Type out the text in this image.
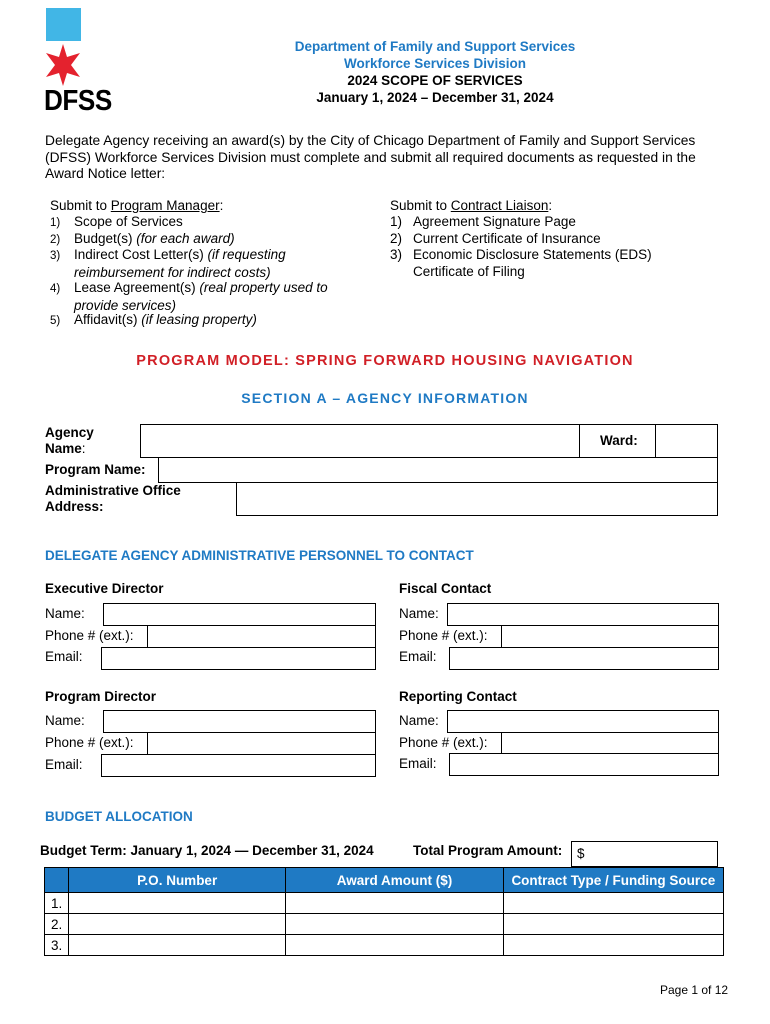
DFSS
Department of Family and Support Services
Workforce Services Division
2024 SCOPE OF SERVICES
January 1, 2024 – December 31, 2024
Delegate Agency receiving an award(s) by the City of Chicago Department of Family and Support Services
(DFSS) Workforce Services Division must complete and submit all required documents as requested in the
Award Notice letter:
Submit to Program Manager:
1) Scope of Services
2) Budget(s) (for each award)
3) Indirect Cost Letter(s) (if requesting
reimbursement for indirect costs)
4) Lease Agreement(s) (real property used to
provide services)
5) Affidavit(s) (if leasing property)
Submit to Contract Liaison:
1) Agreement Signature Page
2) Current Certificate of Insurance
3) Economic Disclosure Statements (EDS)
Certificate of Filing
PROGRAM MODEL: SPRING FORWARD HOUSING NAVIGATION
SECTION A – AGENCY INFORMATION
Agency
Name:
Ward:
Program Name:
Administrative Office
Address:
DELEGATE AGENCY ADMINISTRATIVE PERSONNEL TO CONTACT
Executive Director
Name:
Phone # (ext.):
Email:
Fiscal Contact
Name:
Phone # (ext.):
Email:
Program Director
Name:
Phone # (ext.):
Email:
Reporting Contact
Name:
Phone # (ext.):
Email:
BUDGET ALLOCATION
Budget Term: January 1, 2024 — December 31, 2024	Total Program Amount:	$
	P.O. Number	Award Amount ($)	Contract Type / Funding Source
1.			
2.			
3.			
Page 1 of 12
